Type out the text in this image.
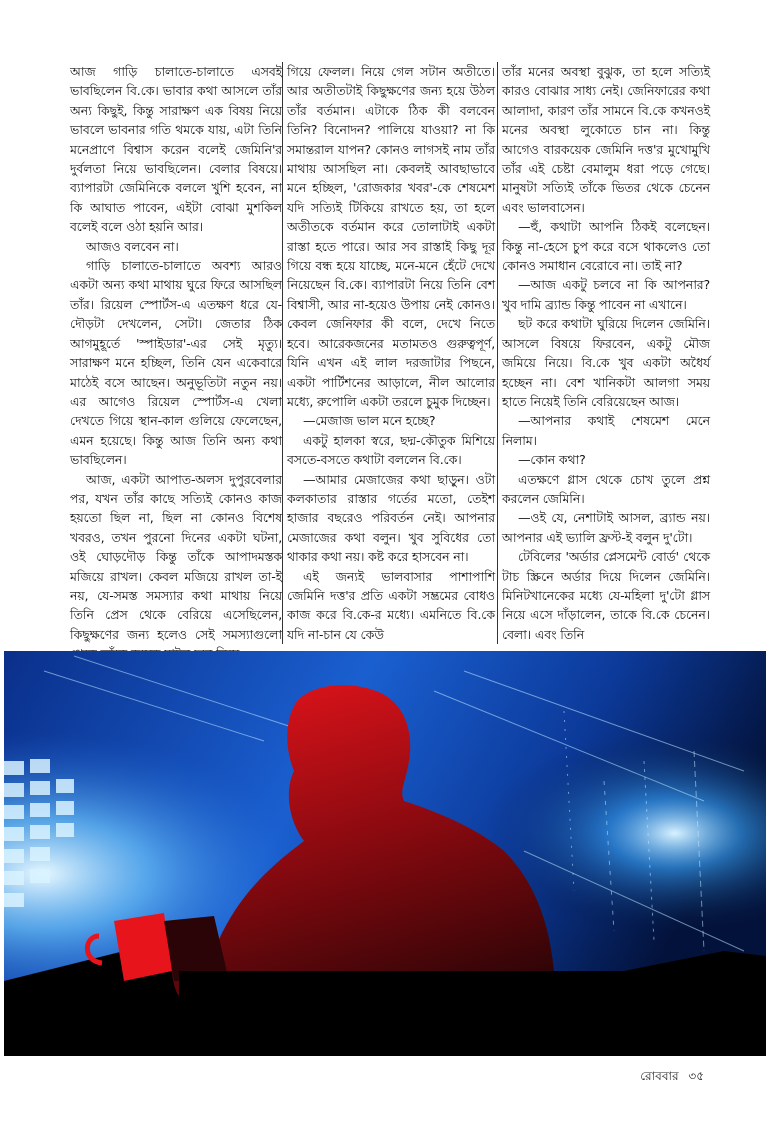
আজ গাড়ি চালাতে-চালাতে এসবই ভাবছিলেন বি.কে। ভাবার কথা আসলে তাঁর অন্য কিছুই, কিন্তু সারাক্ষণ এক বিষয় নিয়ে ভাবলে ভাবনার গতি থমকে যায়, এটা তিনি মনেপ্রাণে বিশ্বাস করেন বলেই জেমিনি'র দুর্বলতা নিয়ে ভাবছিলেন। বেলার বিষয়ে। ব্যাপারটা জেমিনিকে বললে খুশি হবেন, না কি আঘাত পাবেন, এইটা বোঝা মুশকিল বলেই বলে ওঠা হয়নি আর।

আজও বলবেন না।

গাড়ি চালাতে-চালাতে অবশ্য আরও একটা অন্য কথা মাথায় ঘুরে ফিরে আসছিল তাঁর। রিয়েল স্পোর্টস-এ এতক্ষণ ধরে যে-দৌড়টা দেখলেন, সেটা। জেতার ঠিক আগমুহূর্তে 'স্পাইডার'-এর সেই মৃত্যু। সারাক্ষণ মনে হচ্ছিল, তিনি যেন একেবারে মাঠেই বসে আছেন। অনুভূতিটা নতুন নয়। এর আগেও রিয়েল স্পোর্টস-এ খেলা দেখতে গিয়ে স্থান-কাল গুলিয়ে ফেলেছেন, এমন হয়েছে। কিন্তু আজ তিনি অন্য কথা ভাবছিলেন।

আজ, একটা আপাত-অলস দুপুরবেলার পর, যখন তাঁর কাছে সত্যিই কোনও কাজ হয়তো ছিল না, ছিল না কোনও বিশেষ খবরও, তখন পুরনো দিনের একটা ঘটনা, ওই ঘোড়দৌড় কিন্তু তাঁকে আপাদমস্তক মজিয়ে রাখল। কেবল মজিয়ে রাখল তা-ই নয়, যে-সমস্ত সমস্যার কথা মাথায় নিয়ে তিনি প্রেস থেকে বেরিয়ে এসেছিলেন, কিছুক্ষণের জন্য হলেও সেই সমস্যাগুলো

গিয়ে ফেলল। নিয়ে গেল সটান অতীতে। আর অতীতটাই কিছুক্ষণের জন্য হয়ে উঠল তাঁর বর্তমান। এটাকে ঠিক কী বলবেন তিনি? বিনোদন? পালিয়ে যাওয়া? না কি সমান্তরাল যাপন? কোনও লাগসই নাম তাঁর মাথায় আসছিল না। কেবলই আবছাভাবে মনে হচ্ছিল, 'রোজকার খবর'-কে শেষমেশ যদি সত্যিই টিকিয়ে রাখতে হয়, তা হলে অতীতকে বর্তমান করে তোলাটাই একটা রাস্তা হতে পারে। আর সব রাস্তাই কিছু দূর গিয়ে বন্ধ হয়ে যাচ্ছে, মনে-মনে হেঁটে দেখে নিয়েছেন বি.কে। ব্যাপারটা নিয়ে তিনি বেশ বিশ্বাসী, আর না-হয়েও উপায় নেই কোনও। কেবল জেনিফার কী বলে, দেখে নিতে হবে। আরেকজনের মতামতও গুরুত্বপূর্ণ, যিনি এখন এই লাল দরজাটার পিছনে, একটা পার্টিশনের আড়ালে, নীল আলোর মধ্যে, রুপোলি একটা তরলে চুমুক দিচ্ছেন।

—মেজাজ ভাল মনে হচ্ছে?

একটু হালকা স্বরে, ছদ্ম-কৌতুক মিশিয়ে বসতে-বসতে কথাটা বললেন বি.কে।

—আমার মেজাজের কথা ছাড়ুন। ওটা কলকাতার রাস্তার গর্তের মতো, তেইশ হাজার বছরেও পরিবর্তন নেই। আপনার মেজাজের কথা বলুন। খুব সুবিধের তো থাকার কথা নয়। কষ্ট করে হাসবেন না।

এই জন্যই ভালবাসার পাশাপাশি জেমিনি দত্ত'র প্রতি একটা সম্ভ্রমের বোধও কাজ করে বি.কে-র মধ্যে। এমনিতে বি.কে যদি না-চান যে কেউ

তাঁর মনের অবস্থা বুঝুক, তা হলে সত্যিই কারও বোঝার সাধ্য নেই। জেনিফারের কথা আলাদা, কারণ তাঁর সামনে বি.কে কখনওই মনের অবস্থা লুকোতে চান না। কিন্তু আগেও বারকয়েক জেমিনি দত্ত'র মুখোমুখি তাঁর এই চেষ্টা বেমালুম ধরা পড়ে গেছে। মানুষটা সত্যিই তাঁকে ভিতর থেকে চেনেন এবং ভালবাসেন।

—হুঁ, কথাটা আপনি ঠিকই বলেছেন। কিন্তু না-হেসে চুপ করে বসে থাকলেও তো কোনও সমাধান বেরোবে না। তাই না?

—আজ একটু চলবে না কি আপনার? খুব দামি ব্র্যান্ড কিন্তু পাবেন না এখানে।

ছট করে কথাটা ঘুরিয়ে দিলেন জেমিনি। আসলে বিষয়ে ফিরবেন, একটু মৌজ জমিয়ে নিয়ে। বি.কে খুব একটা অধৈর্য হচ্ছেন না। বেশ খানিকটা আলগা সময় হাতে নিয়েই তিনি বেরিয়েছেন আজ।

—আপনার কথাই শেষমেশ মেনে নিলাম।

—কোন কথা?

এতক্ষণে গ্লাস থেকে চোখ তুলে প্রশ্ন করলেন জেমিনি।

—ওই যে, নেশাটাই আসল, ব্র্যান্ড নয়। আপনার এই ভ্যালি ফ্রস্ট-ই বলুন দু'টো।

টেবিলের 'অর্ডার প্লেসমেন্ট বোর্ড' থেকে টাচ স্ক্রিনে অর্ডার দিয়ে দিলেন জেমিনি। মিনিটখানেকের মধ্যে যে-মহিলা দু'টো গ্লাস নিয়ে এসে দাঁড়ালেন, তাকে বি.কে চেনেন। বেলা। এবং তিনি

রোববার ৩৫
